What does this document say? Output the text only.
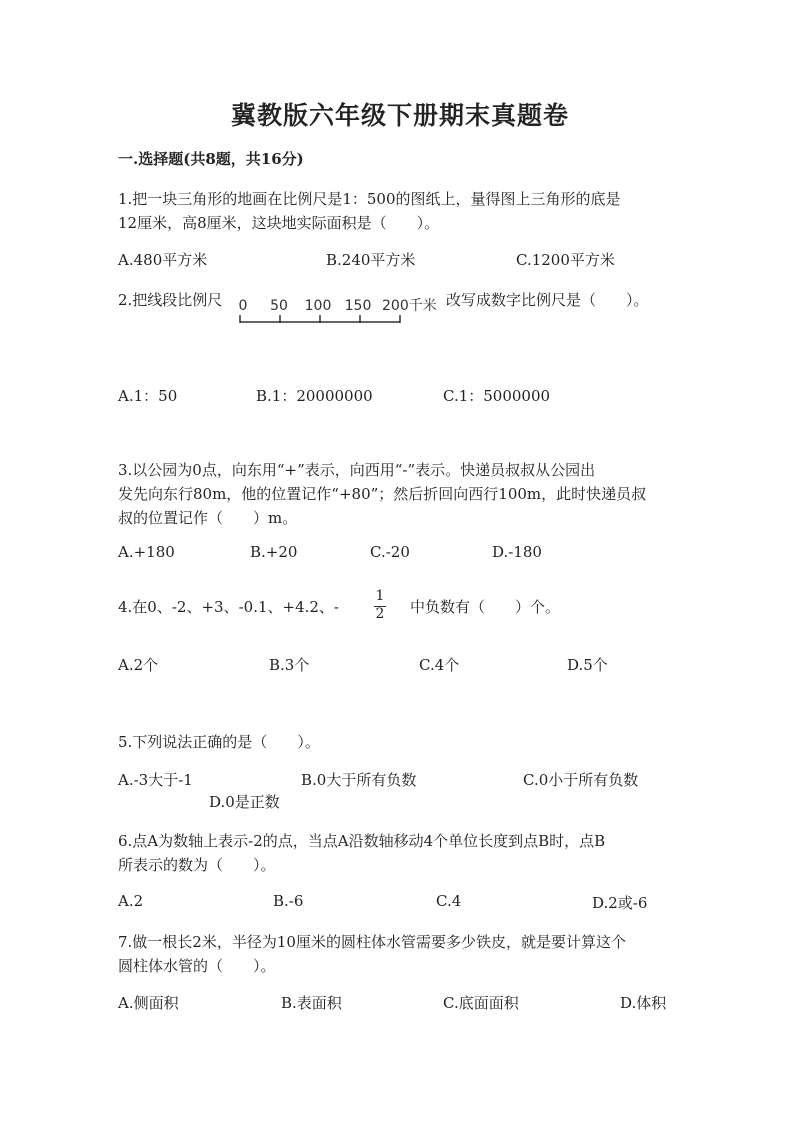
冀教版六年级下册期末真题卷
一.选择题(共8题，共16分)
1.把一块三角形的地画在比例尺是1：500的图纸上，量得图上三角形的底是
12厘米，高8厘米，这块地实际面积是（　　）。
A.480平方米	B.240平方米	C.1200平方米
2.把线段比例尺 0 50 100 150 200千米 改写成数字比例尺是（　　）。
A.1：50	B.1：20000000	C.1：5000000
3.以公园为0点，向东用“+”表示，向西用“-”表示。快递员叔叔从公园出
发先向东行80m，他的位置记作“+80”；然后折回向西行100m，此时快递员叔
叔的位置记作（　　）m。
A.+180	B.+20	C.-20	D.-180
4.在0、-2、+3、-0.1、+4.2、-
1
2 中负数有（　　）个。
A.2个	B.3个	C.4个	D.5个
5.下列说法正确的是（　　）。
A.-3大于-1	B.0大于所有负数	C.0小于所有负数
D.0是正数
6.点A为数轴上表示-2的点，当点A沿数轴移动4个单位长度到点B时，点B
所表示的数为（　　）。
A.2	B.-6	C.4	D.2或-6
7.做一根长2米，半径为10厘米的圆柱体水管需要多少铁皮，就是要计算这个
圆柱体水管的（　　）。
A.侧面积	B.表面积	C.底面面积	D.体积
